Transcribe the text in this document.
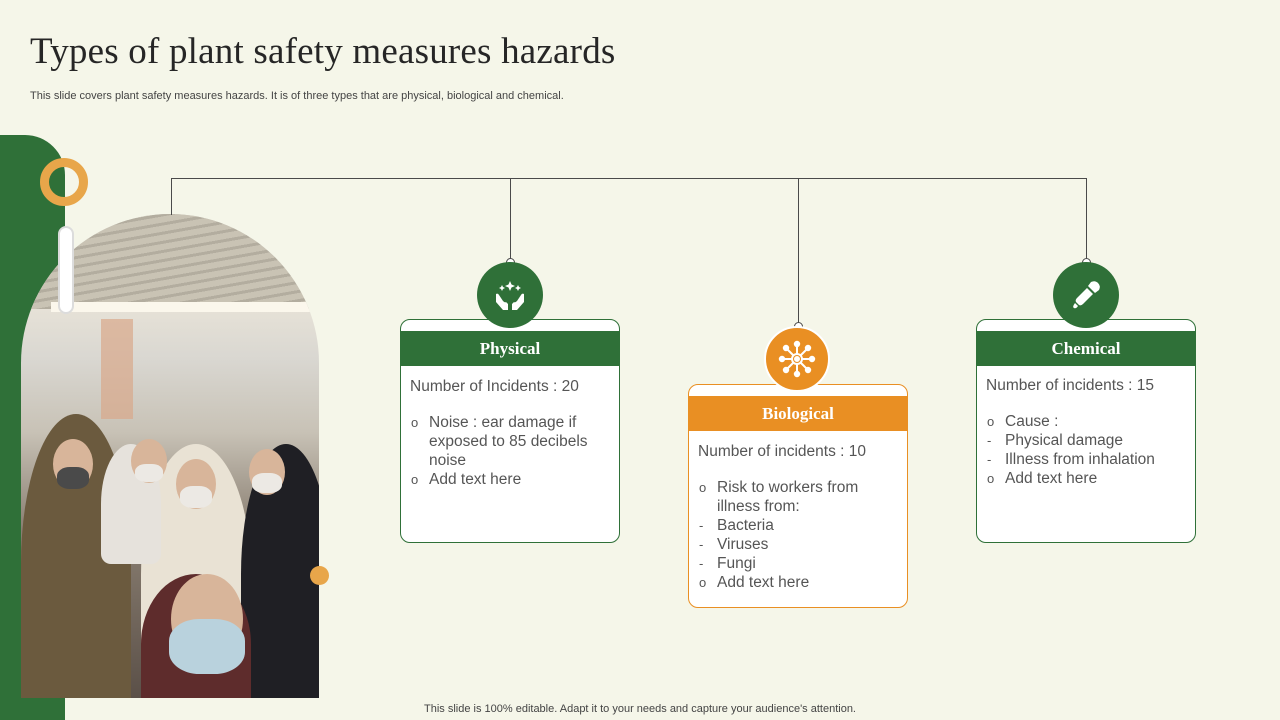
Types of plant safety measures hazards
This slide covers plant safety measures hazards. It is of three types that are physical, biological and chemical.
Physical
Number of Incidents : 20
o Noise : ear damage if exposed to 85 decibels noise
o Add text here
Biological
Number of incidents : 10
o Risk to workers from illness from:
- Bacteria
- Viruses
- Fungi
o Add text here
Chemical
Number of incidents : 15
o Cause :
- Physical damage
- Illness from inhalation
o Add text here
This slide is 100% editable. Adapt it to your needs and capture your audience's attention.
